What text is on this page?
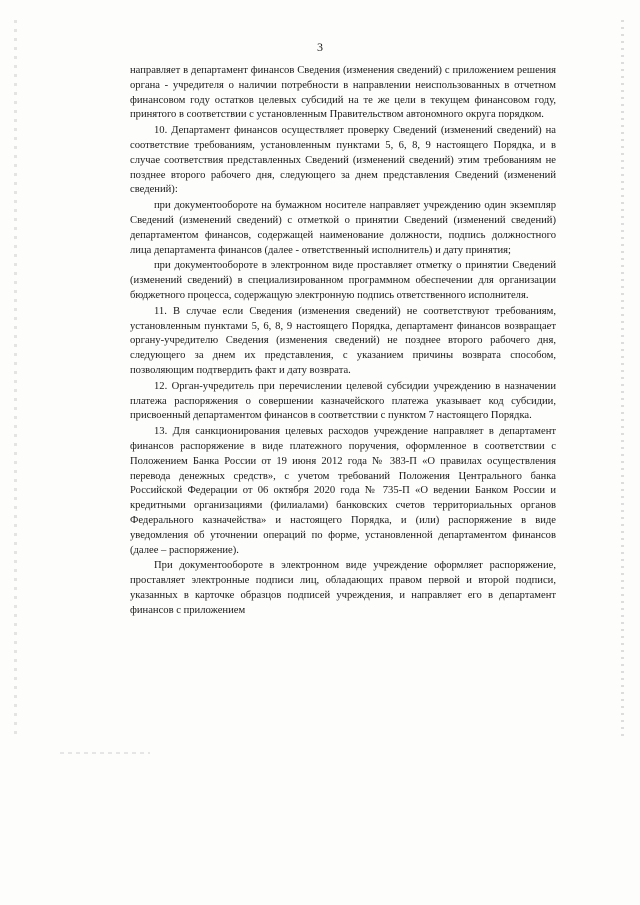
3

направляет в департамент финансов Сведения (изменения сведений) с приложением решения органа - учредителя о наличии потребности в направлении неиспользованных в отчетном финансовом году остатков целевых субсидий на те же цели в текущем финансовом году, принятого в соответствии с установленным Правительством автономного округа порядком.

10. Департамент финансов осуществляет проверку Сведений (изменений сведений) на соответствие требованиям, установленным пунктами 5, 6, 8, 9 настоящего Порядка, и в случае соответствия представленных Сведений (изменений сведений) этим требованиям не позднее второго рабочего дня, следующего за днем представления Сведений (изменений сведений):

при документообороте на бумажном носителе направляет учреждению один экземпляр Сведений (изменений сведений) с отметкой о принятии Сведений (изменений сведений) департаментом финансов, содержащей наименование должности, подпись должностного лица департамента финансов (далее - ответственный исполнитель) и дату принятия;

при документообороте в электронном виде проставляет отметку о принятии Сведений (изменений сведений) в специализированном программном обеспечении для организации бюджетного процесса, содержащую электронную подпись ответственного исполнителя.

11. В случае если Сведения (изменения сведений) не соответствуют требованиям, установленным пунктами 5, 6, 8, 9 настоящего Порядка, департамент финансов возвращает органу-учредителю Сведения (изменения сведений) не позднее второго рабочего дня, следующего за днем их представления, с указанием причины возврата способом, позволяющим подтвердить факт и дату возврата.

12. Орган-учредитель при перечислении целевой субсидии учреждению в назначении платежа распоряжения о совершении казначейского платежа указывает код субсидии, присвоенный департаментом финансов в соответствии с пунктом 7 настоящего Порядка.

13. Для санкционирования целевых расходов учреждение направляет в департамент финансов распоряжение в виде платежного поручения, оформленное в соответствии с Положением Банка России от 19 июня 2012 года № 383-П «О правилах осуществления перевода денежных средств», с учетом требований Положения Центрального банка Российской Федерации от 06 октября 2020 года № 735-П «О ведении Банком России и кредитными организациями (филиалами) банковских счетов территориальных органов Федерального казначейства» и настоящего Порядка, и (или) распоряжение в виде уведомления об уточнении операций по форме, установленной департаментом финансов (далее – распоряжение).

При документообороте в электронном виде учреждение оформляет распоряжение, проставляет электронные подписи лиц, обладающих правом первой и второй подписи, указанных в карточке образцов подписей учреждения, и направляет его в департамент финансов с приложением
